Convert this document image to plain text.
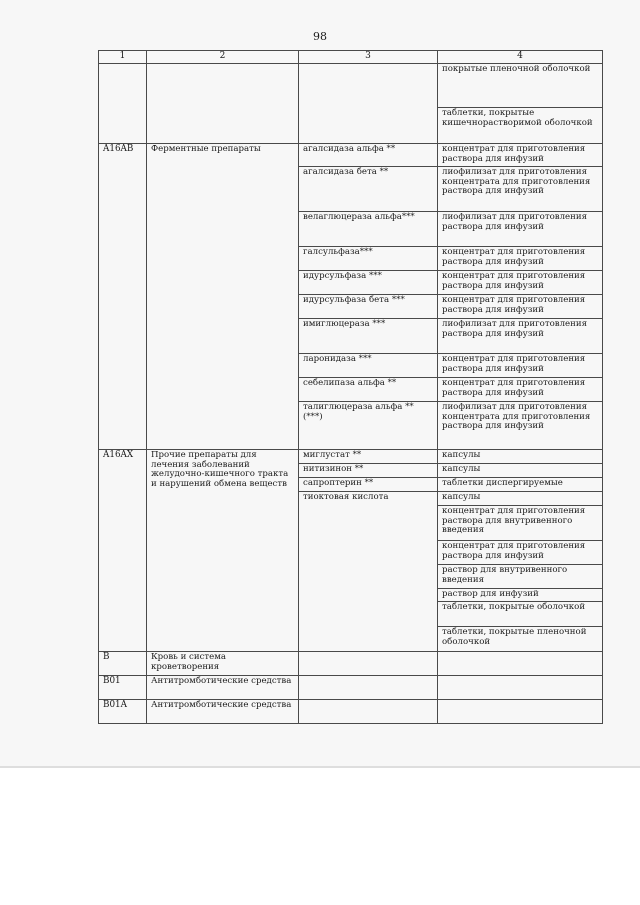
98
1	2	3	4
			покрытые пленочной оболочкой
			таблетки, покрытые кишечнорастворимой оболочкой
A16AB	Ферментные препараты	агалсидаза альфа **	концентрат для приготовления раствора для инфузий
		агалсидаза бета **	лиофилизат для приготовления концентрата для приготовления раствора для инфузий
		велаглюцераза альфа***	лиофилизат для приготовления раствора для инфузий
		галсульфаза***	концентрат для приготовления раствора для инфузий
		идурсульфаза ***	концентрат для приготовления раствора для инфузий
		идурсульфаза бета ***	концентрат для приготовления раствора для инфузий
		имиглюцераза ***	лиофилизат для приготовления раствора для инфузий
		ларонидаза ***	концентрат для приготовления раствора для инфузий
		себелипаза альфа **	концентрат для приготовления раствора для инфузий
		талиглюцераза альфа ** (***)	лиофилизат для приготовления концентрата для приготовления раствора для инфузий
A16AX	Прочие препараты для лечения заболеваний желудочно-кишечного тракта и нарушений обмена веществ	миглустат **	капсулы
		нитизинон **	капсулы
		сапроптерин **	таблетки диспергируемые
		тиоктовая кислота	капсулы
			концентрат для приготовления раствора для внутривенного введения
			концентрат для приготовления раствора для инфузий
			раствор для внутривенного введения
			раствор для инфузий
			таблетки, покрытые оболочкой
			таблетки, покрытые пленочной оболочкой
B	Кровь и система кроветворения		
B01	Антитромботические средства		
B01A	Антитромботические средства		
